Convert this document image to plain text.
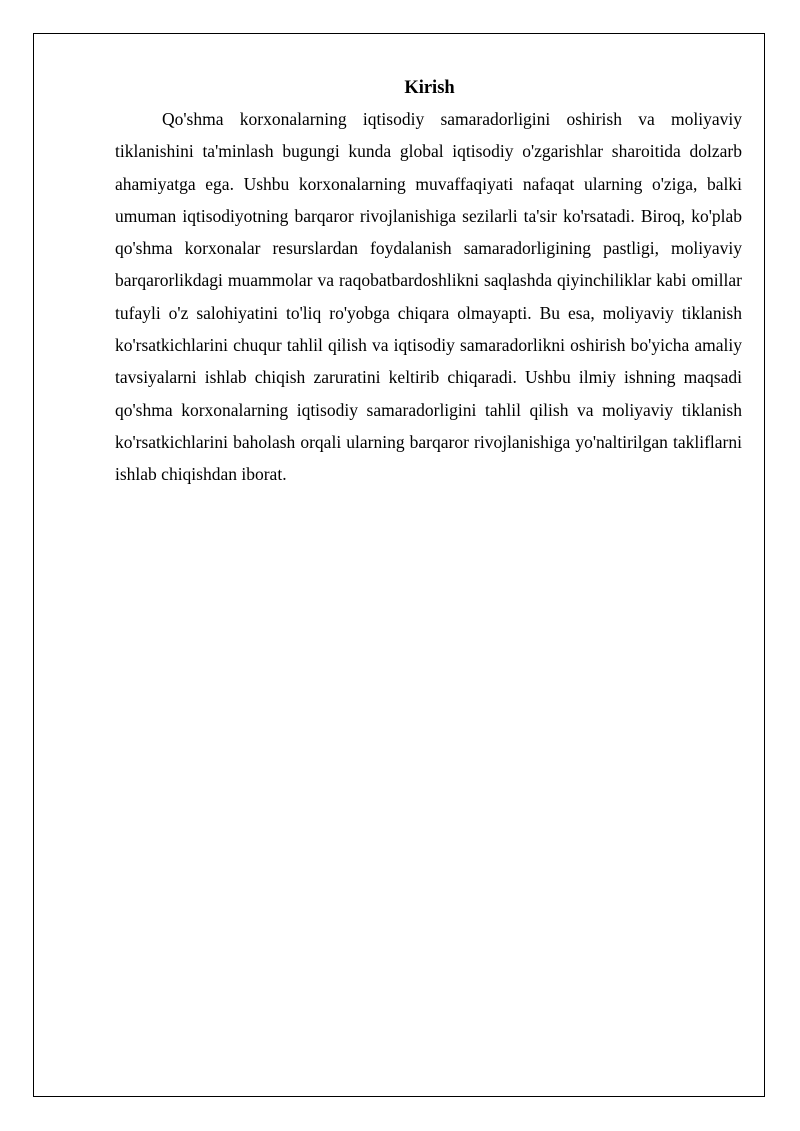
Kirish

Qo'shma korxonalarning iqtisodiy samaradorligini oshirish va moliyaviy tiklanishini ta'minlash bugungi kunda global iqtisodiy o'zgarishlar sharoitida dolzarb ahamiyatga ega. Ushbu korxonalarning muvaffaqiyati nafaqat ularning o'ziga, balki umuman iqtisodiyotning barqaror rivojlanishiga sezilarli ta'sir ko'rsatadi. Biroq, ko'plab qo'shma korxonalar resurslardan foydalanish samaradorligining pastligi, moliyaviy barqarorlikdagi muammolar va raqobatbardoshlikni saqlashda qiyinchiliklar kabi omillar tufayli o'z salohiyatini to'liq ro'yobga chiqara olmayapti. Bu esa, moliyaviy tiklanish ko'rsatkichlarini chuqur tahlil qilish va iqtisodiy samaradorlikni oshirish bo'yicha amaliy tavsiyalarni ishlab chiqish zaruratini keltirib chiqaradi. Ushbu ilmiy ishning maqsadi qo'shma korxonalarning iqtisodiy samaradorligini tahlil qilish va moliyaviy tiklanish ko'rsatkichlarini baholash orqali ularning barqaror rivojlanishiga yo'naltirilgan takliflarni ishlab chiqishdan iborat.
